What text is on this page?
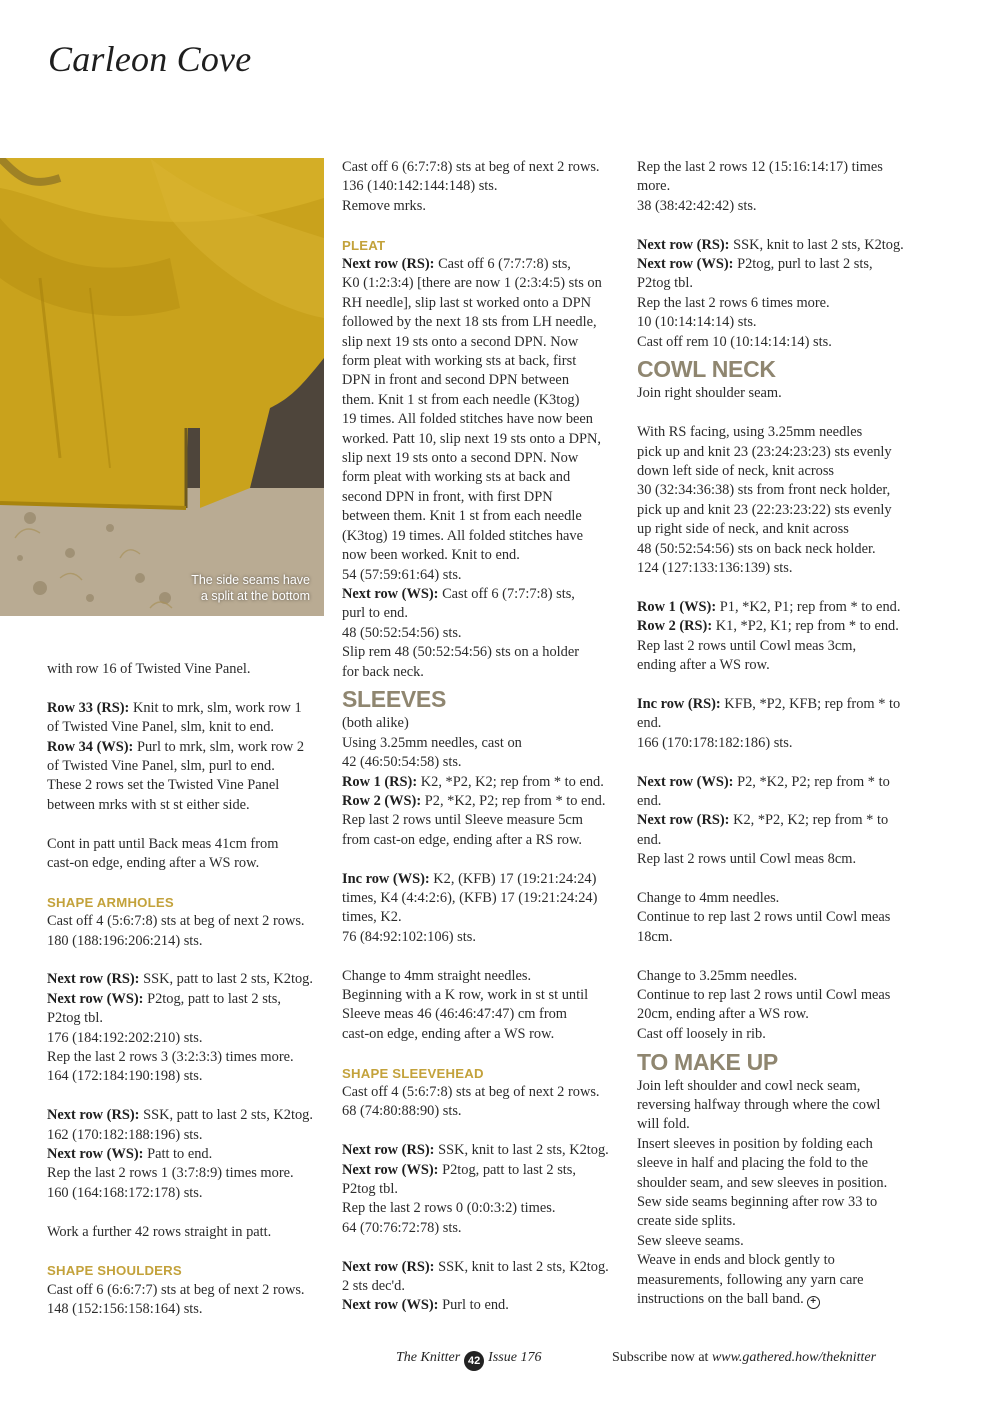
Carleon Cove
The side seams have
a split at the bottom

with row 16 of Twisted Vine Panel.

Row 33 (RS): Knit to mrk, slm, work row 1
of Twisted Vine Panel, slm, knit to end.
Row 34 (WS): Purl to mrk, slm, work row 2
of Twisted Vine Panel, slm, purl to end.
These 2 rows set the Twisted Vine Panel
between mrks with st st either side.

Cont in patt until Back meas 41cm from
cast-on edge, ending after a WS row.

SHAPE ARMHOLES
Cast off 4 (5:6:7:8) sts at beg of next 2 rows.
180 (188:196:206:214) sts.

Next row (RS): SSK, patt to last 2 sts, K2tog.
Next row (WS): P2tog, patt to last 2 sts,
P2tog tbl.
176 (184:192:202:210) sts.
Rep the last 2 rows 3 (3:2:3:3) times more.
164 (172:184:190:198) sts.

Next row (RS): SSK, patt to last 2 sts, K2tog.
162 (170:182:188:196) sts.
Next row (WS): Patt to end.
Rep the last 2 rows 1 (3:7:8:9) times more.
160 (164:168:172:178) sts.

Work a further 42 rows straight in patt.

SHAPE SHOULDERS
Cast off 6 (6:6:7:7) sts at beg of next 2 rows.
148 (152:156:158:164) sts.

Cast off 6 (6:7:7:8) sts at beg of next 2 rows.
136 (140:142:144:148) sts.
Remove mrks.

PLEAT
Next row (RS): Cast off 6 (7:7:7:8) sts,
K0 (1:2:3:4) [there are now 1 (2:3:4:5) sts on
RH needle], slip last st worked onto a DPN
followed by the next 18 sts from LH needle,
slip next 19 sts onto a second DPN. Now
form pleat with working sts at back, first
DPN in front and second DPN between
them. Knit 1 st from each needle (K3tog)
19 times. All folded stitches have now been
worked. Patt 10, slip next 19 sts onto a DPN,
slip next 19 sts onto a second DPN. Now
form pleat with working sts at back and
second DPN in front, with first DPN
between them. Knit 1 st from each needle
(K3tog) 19 times. All folded stitches have
now been worked. Knit to end.
54 (57:59:61:64) sts.
Next row (WS): Cast off 6 (7:7:7:8) sts,
purl to end.
48 (50:52:54:56) sts.
Slip rem 48 (50:52:54:56) sts on a holder
for back neck.

SLEEVES
(both alike)
Using 3.25mm needles, cast on
42 (46:50:54:58) sts.
Row 1 (RS): K2, *P2, K2; rep from * to end.
Row 2 (WS): P2, *K2, P2; rep from * to end.
Rep last 2 rows until Sleeve measure 5cm
from cast-on edge, ending after a RS row.

Inc row (WS): K2, (KFB) 17 (19:21:24:24)
times, K4 (4:4:2:6), (KFB) 17 (19:21:24:24)
times, K2.
76 (84:92:102:106) sts.

Change to 4mm straight needles.
Beginning with a K row, work in st st until
Sleeve meas 46 (46:46:47:47) cm from
cast-on edge, ending after a WS row.

SHAPE SLEEVEHEAD
Cast off 4 (5:6:7:8) sts at beg of next 2 rows.
68 (74:80:88:90) sts.

Next row (RS): SSK, knit to last 2 sts, K2tog.
Next row (WS): P2tog, patt to last 2 sts,
P2tog tbl.
Rep the last 2 rows 0 (0:0:3:2) times.
64 (70:76:72:78) sts.

Next row (RS): SSK, knit to last 2 sts, K2tog.
2 sts dec'd.
Next row (WS): Purl to end.

Rep the last 2 rows 12 (15:16:14:17) times
more.
38 (38:42:42:42) sts.

Next row (RS): SSK, knit to last 2 sts, K2tog.
Next row (WS): P2tog, purl to last 2 sts,
P2tog tbl.
Rep the last 2 rows 6 times more.
10 (10:14:14:14) sts.
Cast off rem 10 (10:14:14:14) sts.

COWL NECK
Join right shoulder seam.

With RS facing, using 3.25mm needles
pick up and knit 23 (23:24:23:23) sts evenly
down left side of neck, knit across
30 (32:34:36:38) sts from front neck holder,
pick up and knit 23 (22:23:23:22) sts evenly
up right side of neck, and knit across
48 (50:52:54:56) sts on back neck holder.
124 (127:133:136:139) sts.

Row 1 (WS): P1, *K2, P1; rep from * to end.
Row 2 (RS): K1, *P2, K1; rep from * to end.
Rep last 2 rows until Cowl meas 3cm,
ending after a WS row.

Inc row (RS): KFB, *P2, KFB; rep from * to
end.
166 (170:178:182:186) sts.

Next row (WS): P2, *K2, P2; rep from * to
end.
Next row (RS): K2, *P2, K2; rep from * to
end.
Rep last 2 rows until Cowl meas 8cm.

Change to 4mm needles.
Continue to rep last 2 rows until Cowl meas
18cm.

Change to 3.25mm needles.
Continue to rep last 2 rows until Cowl meas
20cm, ending after a WS row.
Cast off loosely in rib.

TO MAKE UP
Join left shoulder and cowl neck seam,
reversing halfway through where the cowl
will fold.
Insert sleeves in position by folding each
sleeve in half and placing the fold to the
shoulder seam, and sew sleeves in position.
Sew side seams beginning after row 33 to
create side splits.
Sew sleeve seams.
Weave in ends and block gently to
measurements, following any yarn care
instructions on the ball band. +

The Knitter 42 Issue 176	Subscribe now at www.gathered.how/theknitter
